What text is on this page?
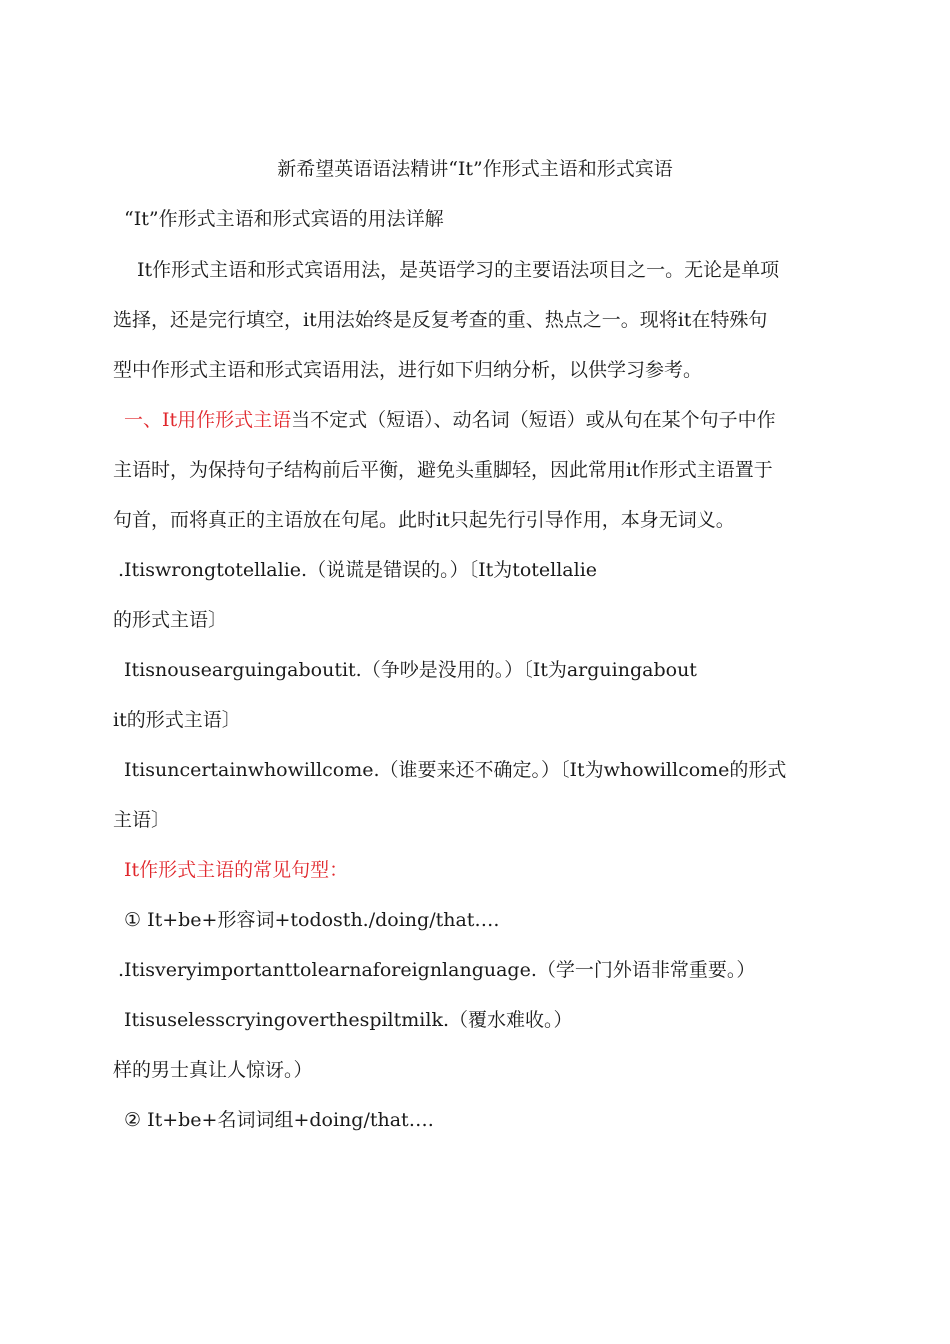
新希望英语语法精讲“It”作形式主语和形式宾语
“It”作形式主语和形式宾语的用法详解
It作形式主语和形式宾语用法，是英语学习的主要语法项目之一。无论是单项
选择，还是完行填空，it用法始终是反复考查的重、热点之一。现将it在特殊句
型中作形式主语和形式宾语用法，进行如下归纳分析，以供学习参考。
一、It用作形式主语当不定式（短语）、动名词（短语）或从句在某个句子中作
主语时，为保持句子结构前后平衡，避免头重脚轻，因此常用it作形式主语置于
句首，而将真正的主语放在句尾。此时it只起先行引导作用，本身无词义。
.Itiswrongtotellalie.（说谎是错误的。）〔It为totellalie
的形式主语〕
Itisnousearguingaboutit.（争吵是没用的。）〔It为arguingabout
it的形式主语〕
Itisuncertainwhowillcome.（谁要来还不确定。）〔It为whowillcome的形式
主语〕
It作形式主语的常见句型：
① It+be+形容词+todosth./doing/that….
.Itisveryimportanttolearnaforeignlanguage.（学一门外语非常重要。）
Itisuselesscryingoverthespiltmilk.（覆水难收。）
样的男士真让人惊讶。）
② It+be+名词词组+doing/that….
